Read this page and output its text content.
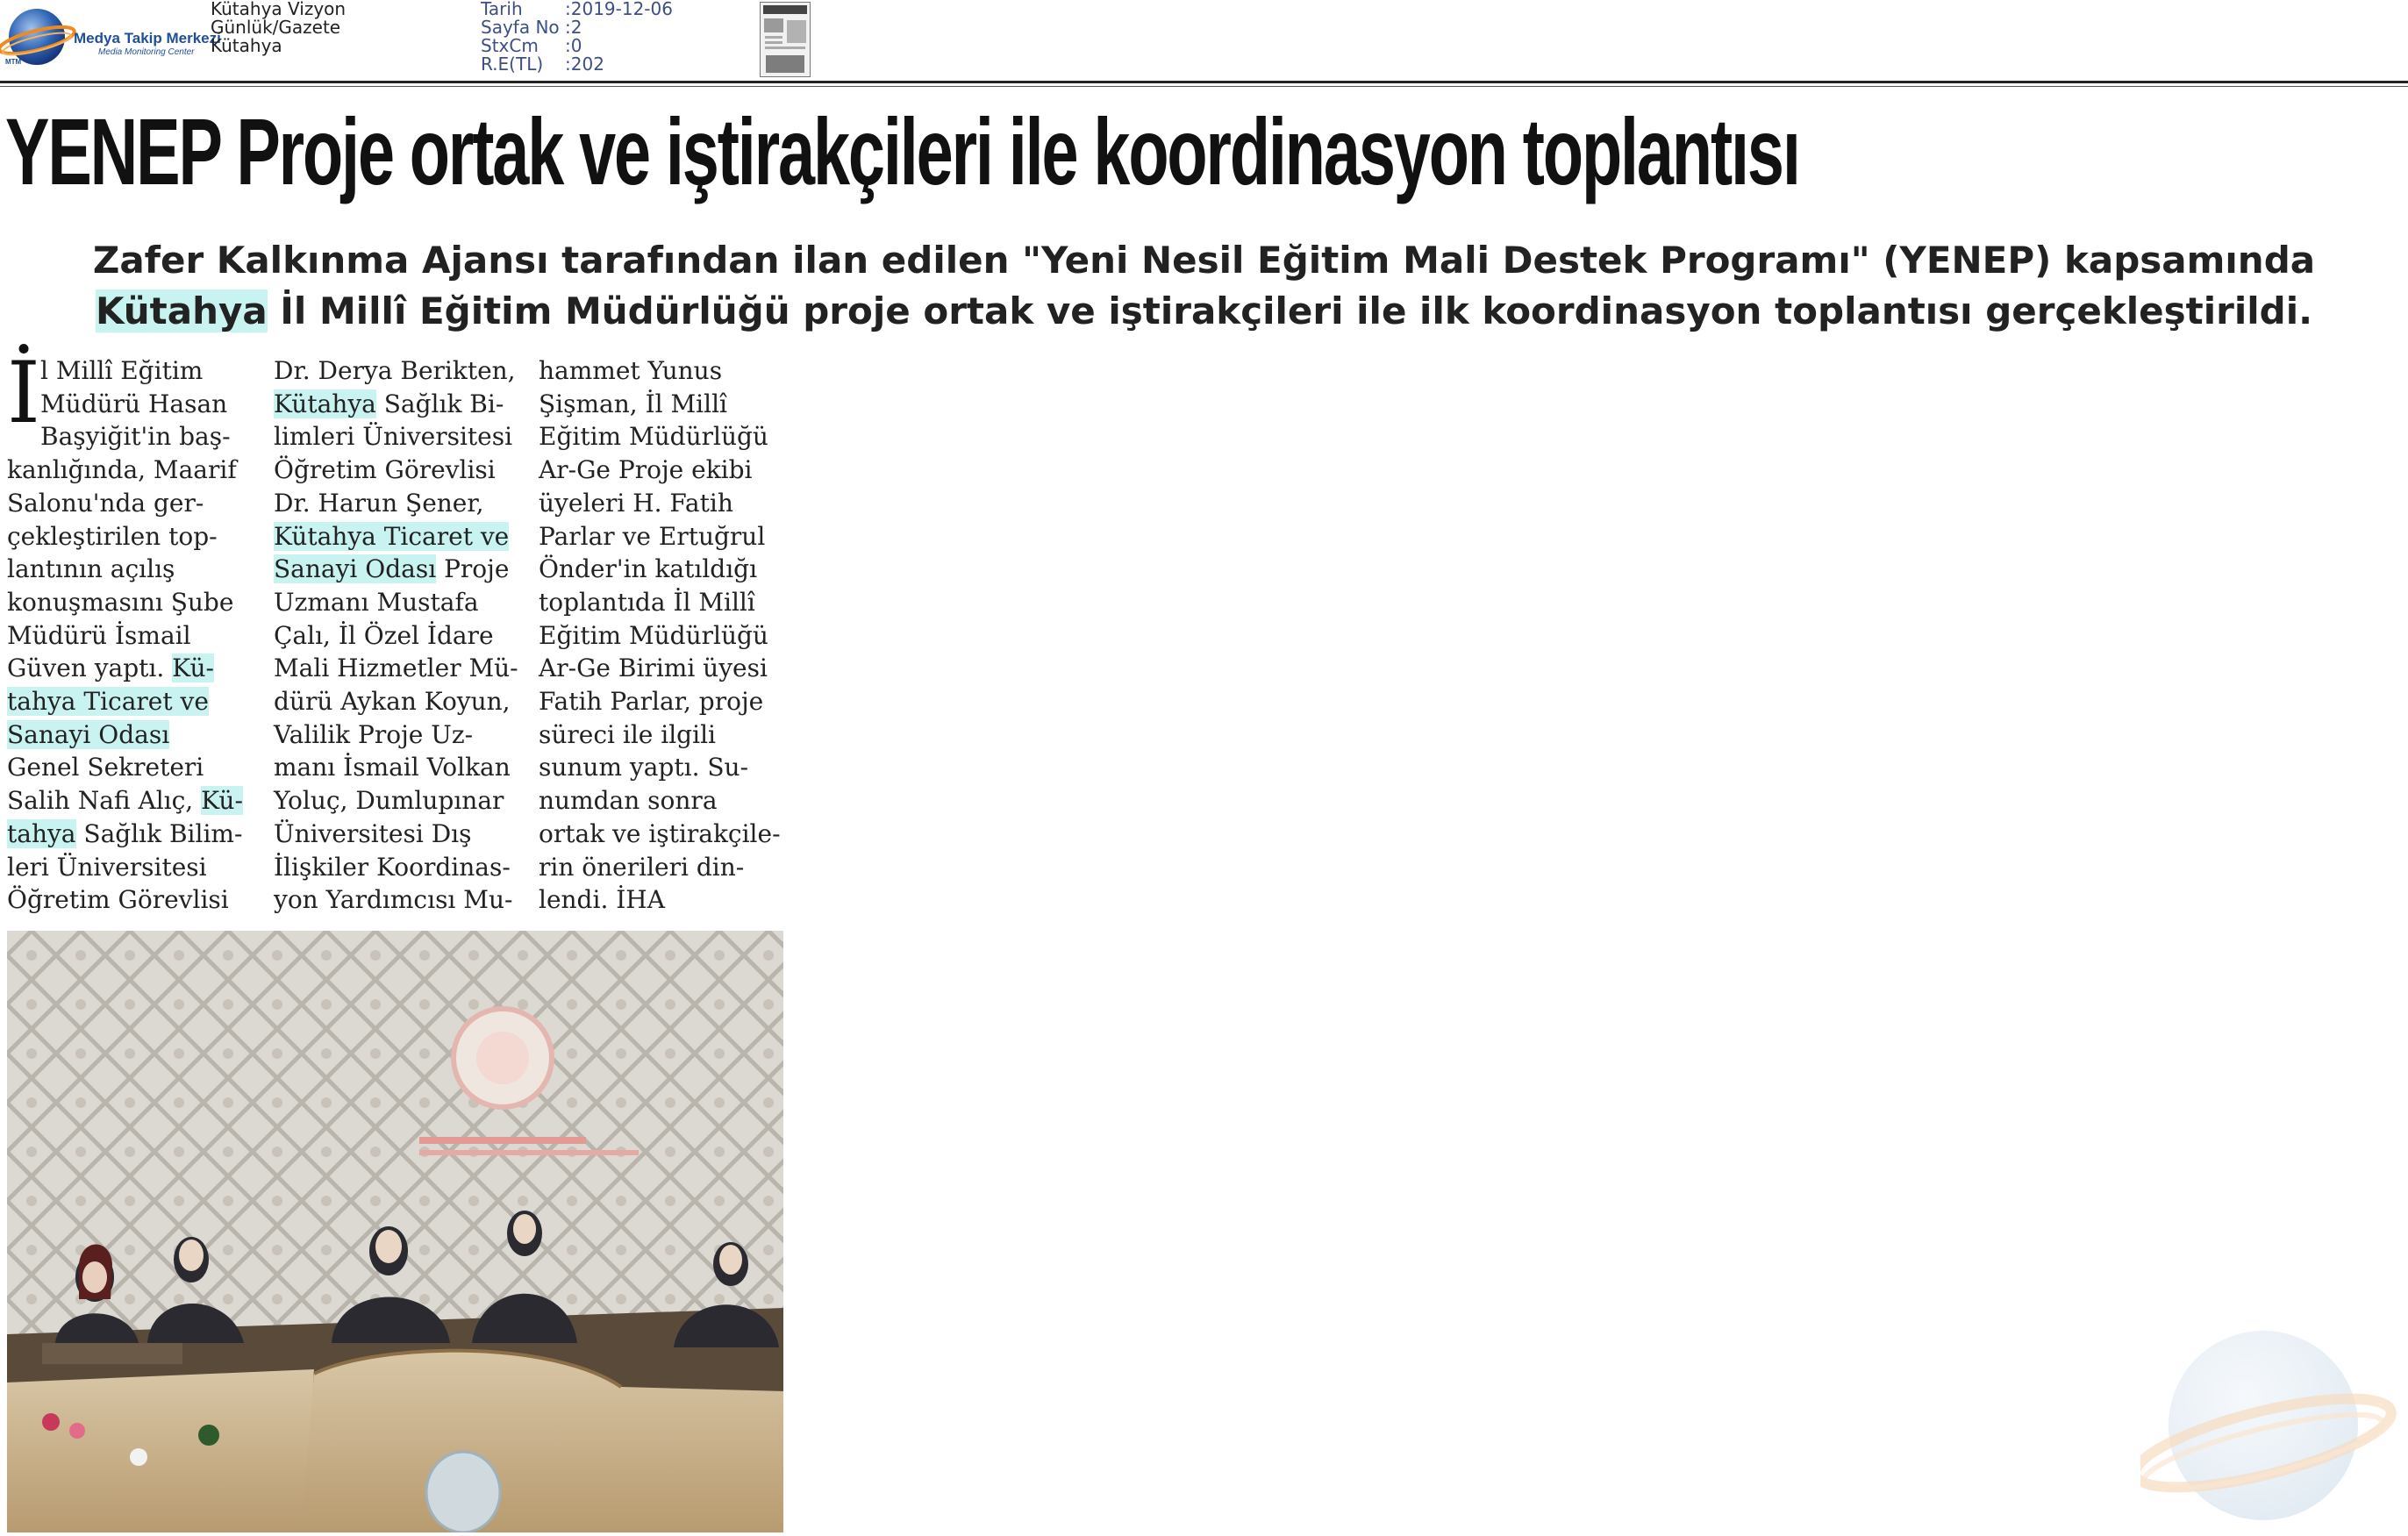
Medya Takip Merkezi
Media Monitoring Center
MTM
Kütahya Vizyon
Günlük/Gazete
Kütahya
Tarih :2019-12-06
Sayfa No :2
StxCm :0
R.E(TL) :202
YENEP Proje ortak ve iştirakçileri ile koordinasyon toplantısı
Zafer Kalkınma Ajansı tarafından ilan edilen "Yeni Nesil Eğitim Mali Destek Programı" (YENEP) kapsamında Kütahya İl Millî Eğitim Müdürlüğü proje ortak ve iştirakçileri ile ilk koordinasyon toplantısı gerçekleştirildi.

İ l Millî Eğitim
Müdürü Hasan
Başyiğit'in baş-
kanlığında, Maarif
Salonu'nda ger-
çekleştirilen top-
lantının açılış
konuşmasını Şube
Müdürü İsmail
Güven yaptı. Kü-
tahya Ticaret ve
Sanayi Odası
Genel Sekreteri
Salih Nafi Alıç, Kü-
tahya Sağlık Bilim-
leri Üniversitesi
Öğretim Görevlisi

Dr. Derya Berikten,
Kütahya Sağlık Bi-
limleri Üniversitesi
Öğretim Görevlisi
Dr. Harun Şener,
Kütahya Ticaret ve
Sanayi Odası Proje
Uzmanı Mustafa
Çalı, İl Özel İdare
Mali Hizmetler Mü-
dürü Aykan Koyun,
Valilik Proje Uz-
manı İsmail Volkan
Yoluç, Dumlupınar
Üniversitesi Dış
İlişkiler Koordinas-
yon Yardımcısı Mu-
hammet Yunus
Şişman, İl Millî
Eğitim Müdürlüğü
Ar-Ge Proje ekibi
üyeleri H. Fatih
Parlar ve Ertuğrul
Önder'in katıldığı
toplantıda İl Millî
Eğitim Müdürlüğü
Ar-Ge Birimi üyesi
Fatih Parlar, proje
süreci ile ilgili
sunum yaptı. Su-
numdan sonra
ortak ve iştirakçile-
rin önerileri din-
lendi. İHA
